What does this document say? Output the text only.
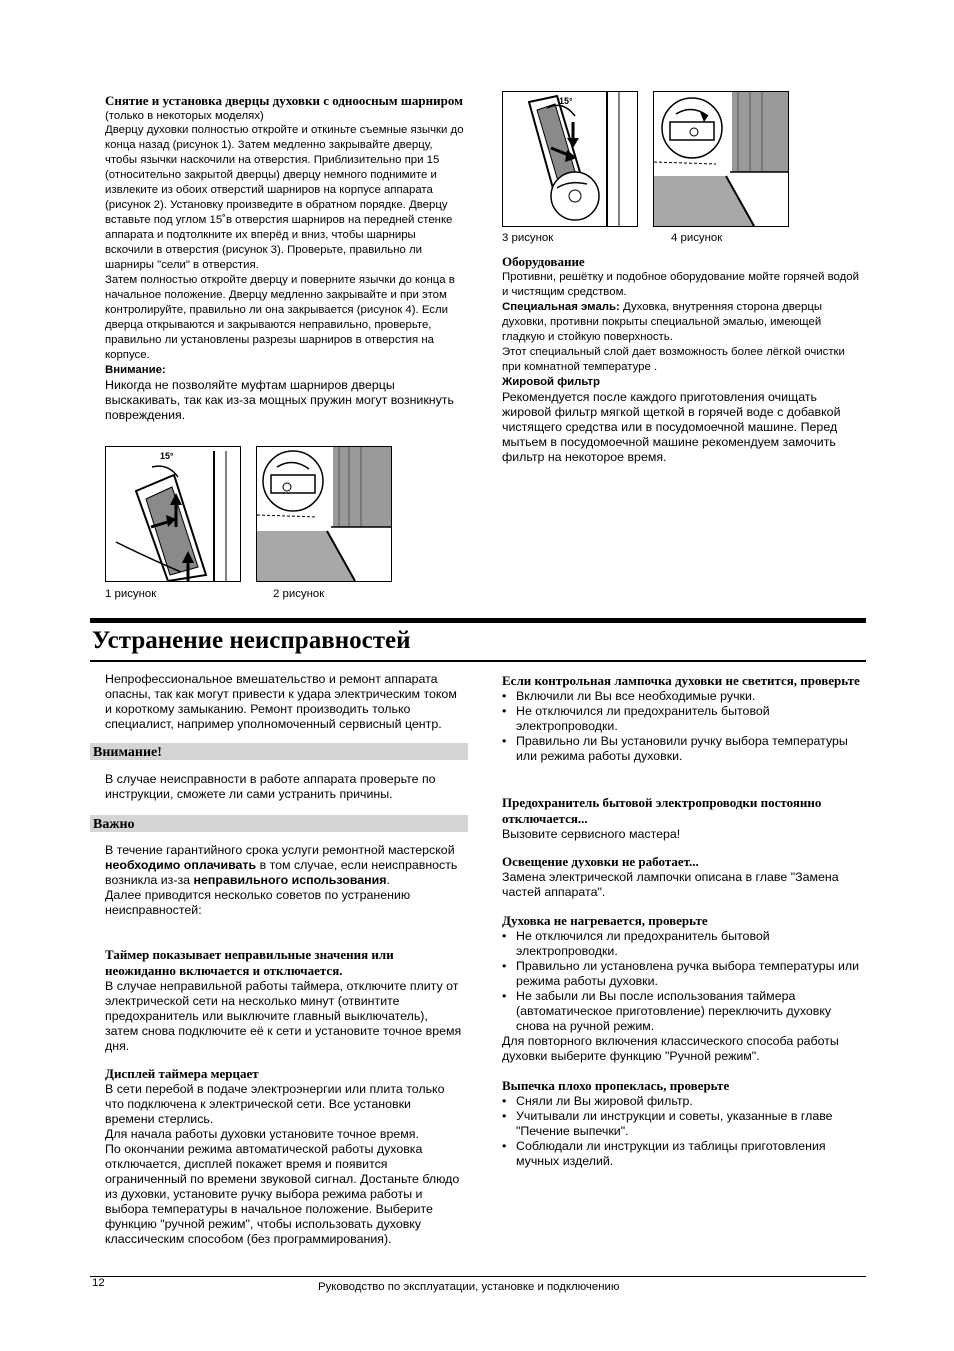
Снятие и установка дверцы духовки с одноосным шарниром

(только в некоторых моделях)

Дверцу духовки полностью откройте и откиньте съемные язычки до конца назад (рисунок 1). Затем медленно закрывайте дверцу, чтобы язычки наскочили на отверстия. Приблизительно при 15 (относительно закрытой дверцы) дверцу немного поднимите и извлеките из обоих отверстий шарниров на корпусе аппарата (рисунок 2). Установку произведите в обратном порядке. Дверцу вставьте под углом 15˚в отверстия шарниров на передней стенке аппарата и подтолкните их вперёд и вниз, чтобы шарниры вскочили в отверстия (рисунок 3). Проверьте, правильно ли шарниры "сели" в отверстия.

Затем полностью откройте дверцу и поверните язычки до конца в начальное положение. Дверцу медленно закрывайте и при этом контролируйте, правильно ли она закрывается (рисунок 4). Если дверца открываются и закрываются неправильно, проверьте, правильно ли установлены разрезы шарниров в отверстия на корпусе.

Внимание:

Никогда не позволяйте муфтам шарниров дверцы выскакивать, так как из-за мощных пружин могут возникнуть повреждения.

15°
1 рисунок	2 рисунок
15°
3 рисунок	4 рисунок

Оборудование

Противни, решётку и подобное оборудование мойте горячей водой и чистящим средством.

Специальная эмаль: Духовка, внутренняя сторона дверцы духовки, противни покрыты специальной эмалью, имеющей гладкую и стойкую поверхность.

Этот специальный слой дает возможность более лёгкой очистки при комнатной температуре .

Жировой фильтр

Рекомендуется после каждого приготовления очищать жировой фильтр мягкой щеткой в горячей воде с добавкой чистящего средства или в посудомоечной машине. Перед мытьем в посудомоечной машине рекомендуем замочить фильтр на некоторое время.

Устранение неисправностей
Непрофессиональное вмешательство и ремонт аппарата опасны, так как могут привести к удара электрическим током и короткому замыканию. Ремонт производить только специалист, например уполномоченный сервисный центр.
Внимание!
В случае неисправности в работе аппарата проверьте по инструкции, сможете ли сами устранить причины.
Важно

В течение гарантийного срока услуги ремонтной мастерской необходимо оплачивать в том случае, если неисправность возникла из-за неправильного использования.

Далее приводится несколько советов по устранению неисправностей:

Таймер показывает неправильные значения или неожиданно включается и отключается.

В случае неправильной работы таймера, отключите плиту от электрической сети на несколько минут (отвинтите предохранитель или выключите главный выключатель), затем снова подключите её к сети и установите точное время дня.

Дисплей таймера мерцает

В сети перебой в подаче электроэнергии или плита только что подключена к электрической сети. Все установки времени стерлись.

Для начала работы духовки установите точное время.

По окончании режима автоматической работы духовка отключается, дисплей покажет время и появится ограниченный по времени звуковой сигнал. Достаньте блюдо из духовки, установите ручку выбора режима работы и выбора температуры в начальное положение. Выберите функцию "ручной режим", чтобы использовать духовку классическим способом (без программирования).

Если контрольная лампочка духовки не светится, проверьте

• Включили ли Вы все необходимые ручки.
• Не отключился ли предохранитель бытовой электропроводки.
• Правильно ли Вы установили ручку выбора температуры или режима работы духовки.

Предохранитель бытовой электропроводки постоянно отключается...

Вызовите сервисного мастера!

Освещение духовки не работает...

Замена электрической лампочки описана в главе "Замена частей аппарата".

Духовка не нагревается, проверьте

• Не отключился ли предохранитель бытовой электропроводки.
• Правильно ли установлена ручка выбора температуры или режима работы духовки.
• Не забыли ли Вы после использования таймера (автоматическое приготовление) переключить духовку снова на ручной режим.

Для повторного включения классического способа работы духовки выберите функцию "Ручной режим".

Выпечка плохо пропеклась, проверьте

• Сняли ли Вы жировой фильтр.
• Учитывали ли инструкции и советы, указанные в главе "Печение выпечки".
• Соблюдали ли инструкции из таблицы приготовления мучных изделий.
12	Руководство по эксплуатации, установке и подключению
